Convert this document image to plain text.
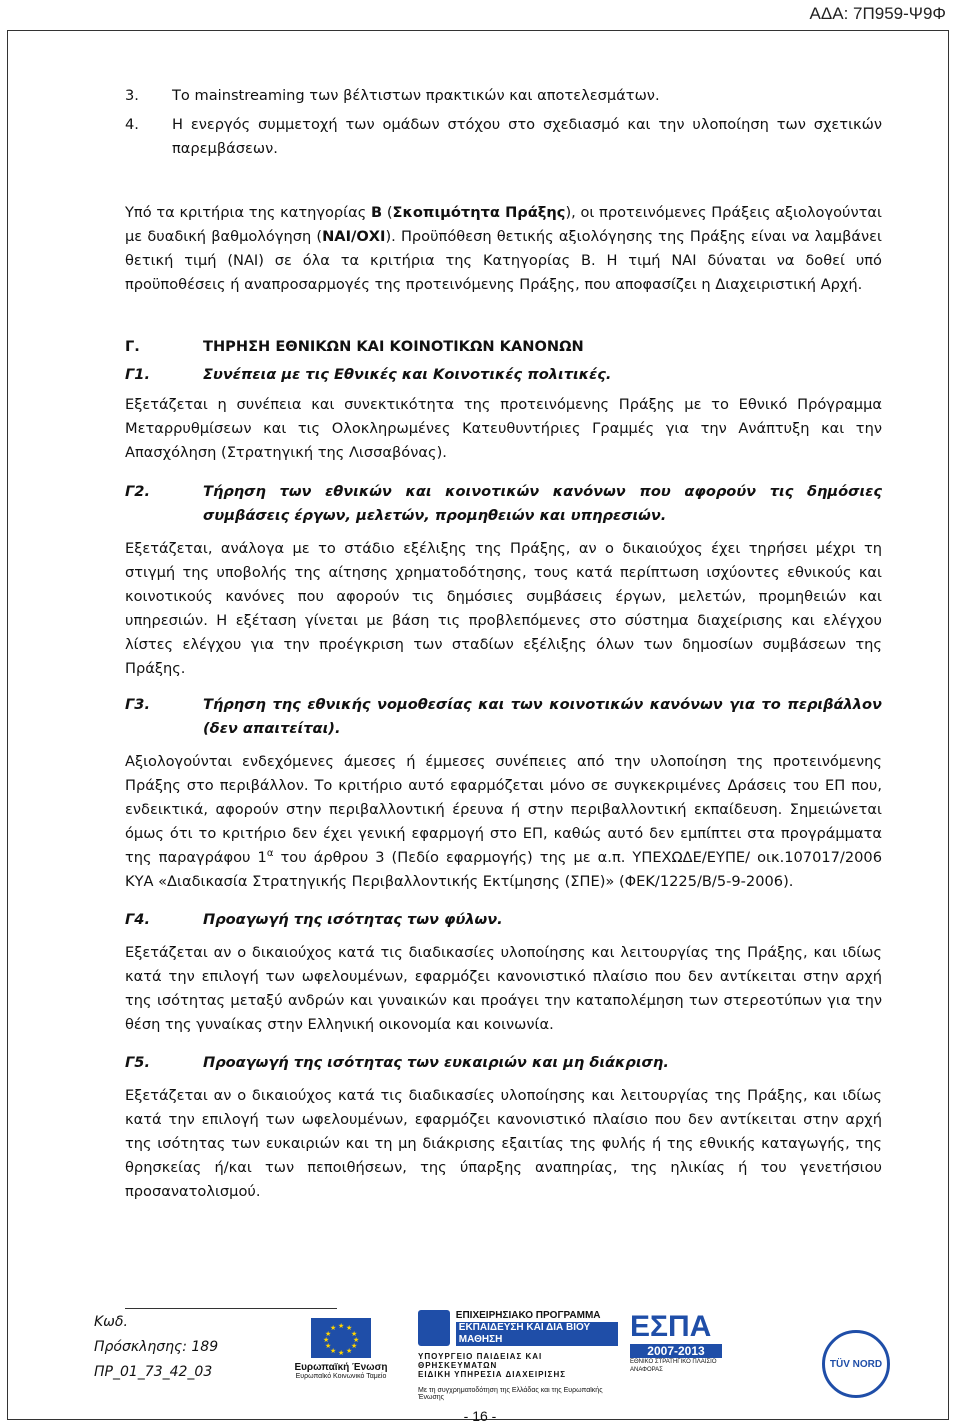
ΑΔΑ: 7Π959-Ψ9Φ

3. Το mainstreaming των βέλτιστων πρακτικών και αποτελεσμάτων.

4. Η ενεργός συμμετοχή των ομάδων στόχου στο σχεδιασμό και την υλοποίηση των σχετικών παρεμβάσεων.

Υπό τα κριτήρια της κατηγορίας Β (Σκοπιμότητα Πράξης), οι προτεινόμενες Πράξεις αξιολογούνται με δυαδική βαθμολόγηση (ΝΑΙ/ΟΧΙ). Προϋπόθεση θετικής αξιολόγησης της Πράξης είναι να λαμβάνει θετική τιμή (ΝΑΙ) σε όλα τα κριτήρια της Κατηγορίας Β. Η τιμή ΝΑΙ δύναται να δοθεί υπό προϋποθέσεις ή αναπροσαρμογές της προτεινόμενης Πράξης, που αποφασίζει η Διαχειριστική Αρχή.

Γ.	ΤΗΡΗΣΗ ΕΘΝΙΚΩΝ ΚΑΙ ΚΟΙΝΟΤΙΚΩΝ ΚΑΝΟΝΩΝ

Γ1.	Συνέπεια με τις Εθνικές και Κοινοτικές πολιτικές.

Εξετάζεται η συνέπεια και συνεκτικότητα της προτεινόμενης Πράξης με το Εθνικό Πρόγραμμα Μεταρρυθμίσεων και τις Ολοκληρωμένες Κατευθυντήριες Γραμμές για την Ανάπτυξη και την Απασχόληση (Στρατηγική της Λισσαβόνας).

Γ2.	Τήρηση των εθνικών και κοινοτικών κανόνων που αφορούν τις δημόσιες συμβάσεις έργων, μελετών, προμηθειών και υπηρεσιών.

Εξετάζεται, ανάλογα με το στάδιο εξέλιξης της Πράξης, αν ο δικαιούχος έχει τηρήσει μέχρι τη στιγμή της υποβολής της αίτησης χρηματοδότησης, τους κατά περίπτωση ισχύοντες εθνικούς και κοινοτικούς κανόνες που αφορούν τις δημόσιες συμβάσεις έργων, μελετών, προμηθειών και υπηρεσιών. Η εξέταση γίνεται με βάση τις προβλεπόμενες στο σύστημα διαχείρισης και ελέγχου λίστες ελέγχου για την προέγκριση των σταδίων εξέλιξης όλων των δημοσίων συμβάσεων της Πράξης.

Γ3.	Τήρηση της εθνικής νομοθεσίας και των κοινοτικών κανόνων για το περιβάλλον (δεν απαιτείται).

Αξιολογούνται ενδεχόμενες άμεσες ή έμμεσες συνέπειες από την υλοποίηση της προτεινόμενης Πράξης στο περιβάλλον. Το κριτήριο αυτό εφαρμόζεται μόνο σε συγκεκριμένες Δράσεις του ΕΠ που, ενδεικτικά, αφορούν στην περιβαλλοντική έρευνα ή στην περιβαλλοντική εκπαίδευση. Σημειώνεται όμως ότι το κριτήριο δεν έχει γενική εφαρμογή στο ΕΠ, καθώς αυτό δεν εμπίπτει στα προγράμματα της παραγράφου $1^\alpha$ του άρθρου 3 (Πεδίο εφαρμογής) της με α.π. ΥΠΕΧΩΔΕ/ΕΥΠΕ/ οικ.107017/2006 ΚΥΑ «Διαδικασία Στρατηγικής Περιβαλλοντικής Εκτίμησης (ΣΠΕ)» (ΦΕΚ/1225/Β/5-9-2006).

Γ4.	Προαγωγή της ισότητας των φύλων.

Εξετάζεται αν ο δικαιούχος κατά τις διαδικασίες υλοποίησης και λειτουργίας της Πράξης, και ιδίως κατά την επιλογή των ωφελουμένων, εφαρμόζει κανονιστικό πλαίσιο που δεν αντίκειται στην αρχή της ισότητας μεταξύ ανδρών και γυναικών και προάγει την καταπολέμηση των στερεοτύπων για την θέση της γυναίκας στην Ελληνική οικονομία και κοινωνία.

Γ5.	Προαγωγή της ισότητας των ευκαιριών και μη διάκριση.

Εξετάζεται αν ο δικαιούχος κατά τις διαδικασίες υλοποίησης και λειτουργίας της Πράξης, και ιδίως κατά την επιλογή των ωφελουμένων, εφαρμόζει κανονιστικό πλαίσιο που δεν αντίκειται στην αρχή της ισότητας των ευκαιριών και τη μη διάκρισης εξαιτίας της φυλής ή της εθνικής καταγωγής, της θρησκείας ή/και των πεποιθήσεων, της ύπαρξης αναπηρίας, της ηλικίας ή του γενετήσιου προσανατολισμού.

Κωδ.
Πρόσκλησης: 189
ΠΡ_01_73_42_03
★ ★
★
★
★
★
★
★
★
★
★
★
Ευρωπαϊκή Ένωση
Ευρωπαϊκό Κοινωνικό Ταμείο
ΕΠΙΧΕΙΡΗΣΙΑΚΟ ΠΡΟΓΡΑΜΜΑ
ΕΚΠΑΙΔΕΥΣΗ ΚΑΙ ΔΙΑ ΒΙΟΥ ΜΑΘΗΣΗ
ΥΠΟΥΡΓΕΙΟ ΠΑΙΔΕΙΑΣ ΚΑΙ ΘΡΗΣΚΕΥΜΑΤΩΝ
ΕΙΔΙΚΗ ΥΠΗΡΕΣΙΑ ΔΙΑΧΕΙΡΙΣΗΣ
Με τη συγχρηματοδότηση της Ελλάδας και της Ευρωπαϊκής Ένωσης
ΕΣΠΑ
2007-2013
ΕΘΝΙΚΟ ΣΤΡΑΤΗΓΙΚΟ ΠΛΑΙΣΙΟ ΑΝΑΦΟΡΑΣ
TÜV NORD
- 16 -
